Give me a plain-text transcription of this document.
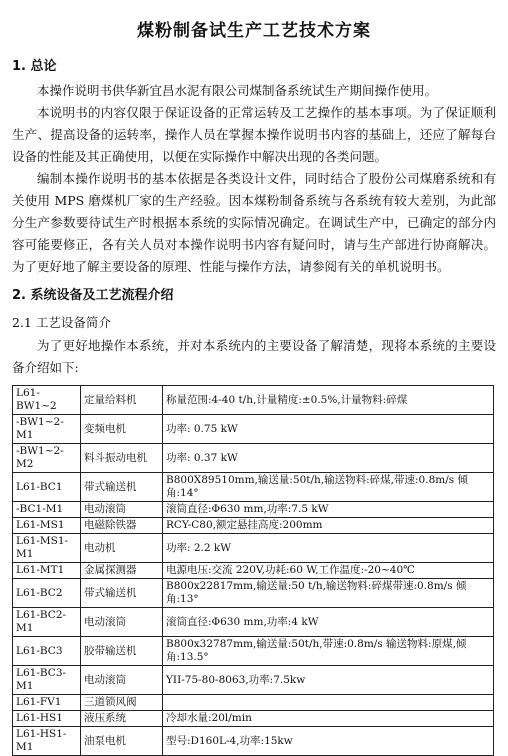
煤粉制备试生产工艺技术方案
1. 总论

本操作说明书供华新宜昌水泥有限公司煤制备系统试生产期间操作使用。

本说明书的内容仅限于保证设备的正常运转及工艺操作的基本事项。为了保证顺利生产、提高设备的运转率，操作人员在掌握本操作说明书内容的基础上，还应了解每台设备的性能及其正确使用，以便在实际操作中解决出现的各类问题。

编制本操作说明书的基本依据是各类设计文件，同时结合了股份公司煤磨系统和有关使用 MPS 磨煤机厂家的生产经验。因本煤粉制备系统与各系统有较大差别，为此部分生产参数要待试生产时根据本系统的实际情况确定。在调试生产中，已确定的部分内容可能要修正，各有关人员对本操作说明书内容有疑问时，请与生产部进行协商解决。为了更好地了解主要设备的原理、性能与操作方法，请参阅有关的单机说明书。

2. 系统设备及工艺流程介绍
2.1 工艺设备简介

为了更好地操作本系统，并对本系统内的主要设备了解清楚，现将本系统的主要设备介绍如下:

L61-BW1~2	定量给料机	称量范围:4-40 t/h,计量精度:±0.5%,计量物料:碎煤
-BW1~2-M1	变频电机	功率: 0.75 kW
-BW1~2-M2	料斗振动电机	功率: 0.37 kW
L61-BC1	带式输送机	B800X89510mm,输送量:50t/h,输送物料:碎煤,带速:0.8m/s 倾角:14°
-BC1-M1	电动滚筒	滚筒直径:Φ630 mm,功率:7.5 kW
L61-MS1	电磁除铁器	RCY-C80,额定悬挂高度:200mm
L61-MS1-M1	电动机	功率: 2.2 kW
L61-MT1	金属探测器	电源电压:交流 220V,功耗:60 W,工作温度:-20~40℃
L61-BC2	带式输送机	B800x22817mm,输送量:50 t/h,输送物料:碎煤带速:0.8m/s 倾角:13°
L61-BC2-M1	电动滚筒	滚筒直径:Φ630 mm,功率:4 kW
L61-BC3	胶带输送机	B800x32787mm,输送量:50t/h,带速:0.8m/s 输送物料:原煤,倾角:13.5°
L61-BC3-M1	电动滚筒	YII-75-80-8063,功率:7.5kw
L61-FV1	三道锁风阀	
L61-HS1	液压系统	冷却水量:20l/min
L61-HS1-M1	油泵电机	型号:D160L-4,功率:15kw
